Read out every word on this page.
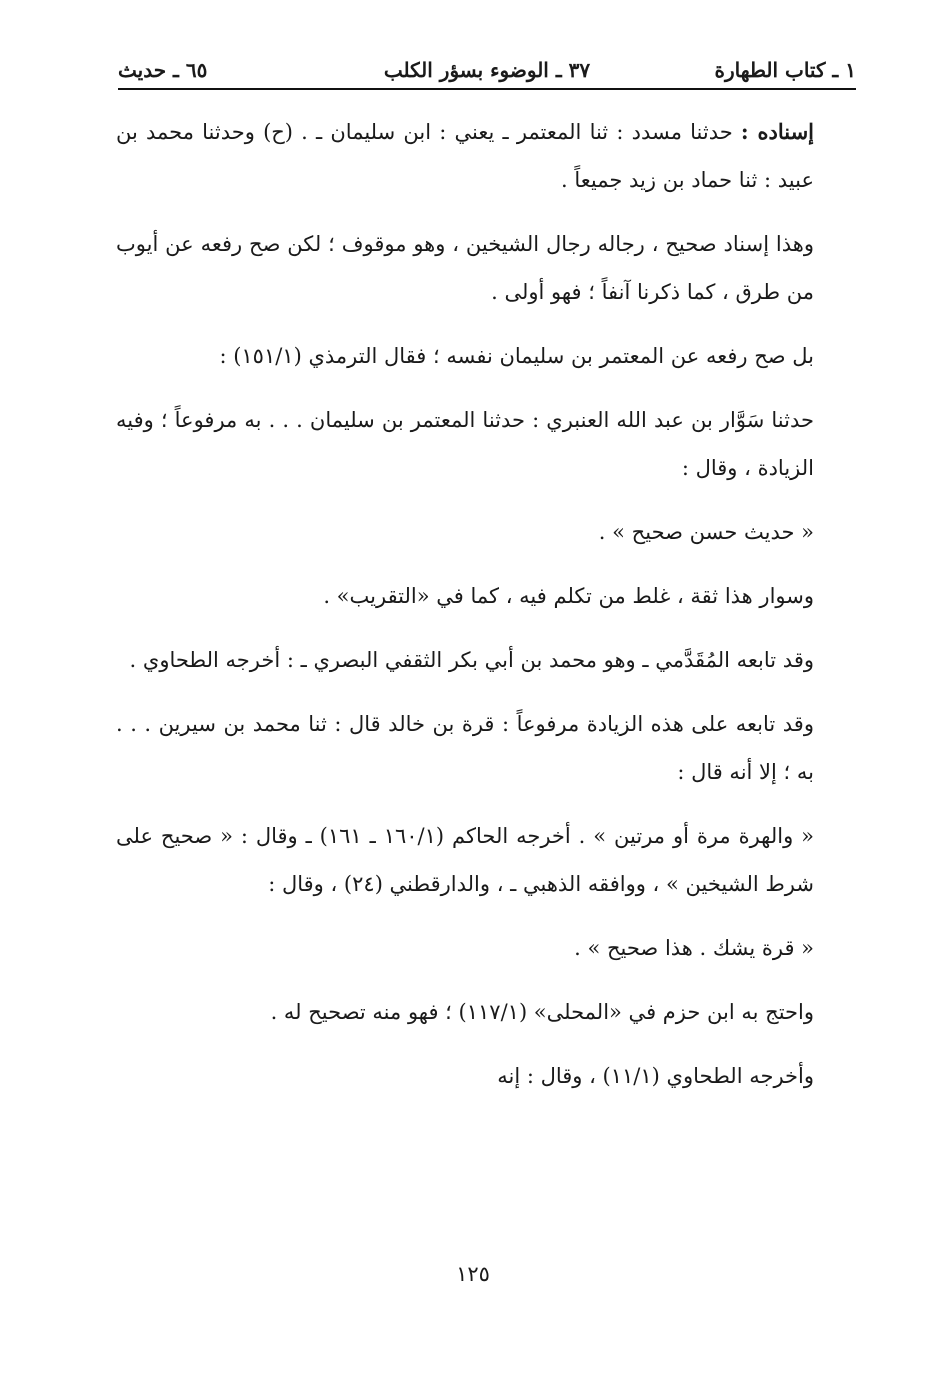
١ ـ كتاب الطهارة
٣٧ ـ الوضوء بسؤر الكلب
٦٥ ـ حديث

إسناده : حدثنا مسدد : ثنا المعتمر ـ يعني : ابن سليمان ـ . (ح) وحدثنا محمد بن عبيد : ثنا حماد بن زيد جميعاً .

وهذا إسناد صحيح ، رجاله رجال الشيخين ، وهو موقوف ؛ لكن صح رفعه عن أيوب من طرق ، كما ذكرنا آنفاً ؛ فهو أولى .

بل صح رفعه عن المعتمر بن سليمان نفسه ؛ فقال الترمذي (١٥١/١) :

حدثنا سَوَّار بن عبد الله العنبري : حدثنا المعتمر بن سليمان . . . به مرفوعاً ؛ وفيه الزيادة ، وقال :

« حديث حسن صحيح » .

وسوار هذا ثقة ، غلط من تكلم فيه ، كما في «التقريب» .

وقد تابعه المُقَدَّمي ـ وهو محمد بن أبي بكر الثقفي البصري ـ : أخرجه الطحاوي .

وقد تابعه على هذه الزيادة مرفوعاً : قرة بن خالد قال : ثنا محمد بن سيرين . . . به ؛ إلا أنه قال :

« والهرة مرة أو مرتين » . أخرجه الحاكم (١٦٠/١ ـ ١٦١) ـ وقال : « صحيح على شرط الشيخين » ، ووافقه الذهبي ـ ، والدارقطني (٢٤) ، وقال :

« قرة يشك . هذا صحيح » .

واحتج به ابن حزم في «المحلى» (١١٧/١) ؛ فهو منه تصحيح له .

وأخرجه الطحاوي (١١/١) ، وقال : إنه

١٢٥
